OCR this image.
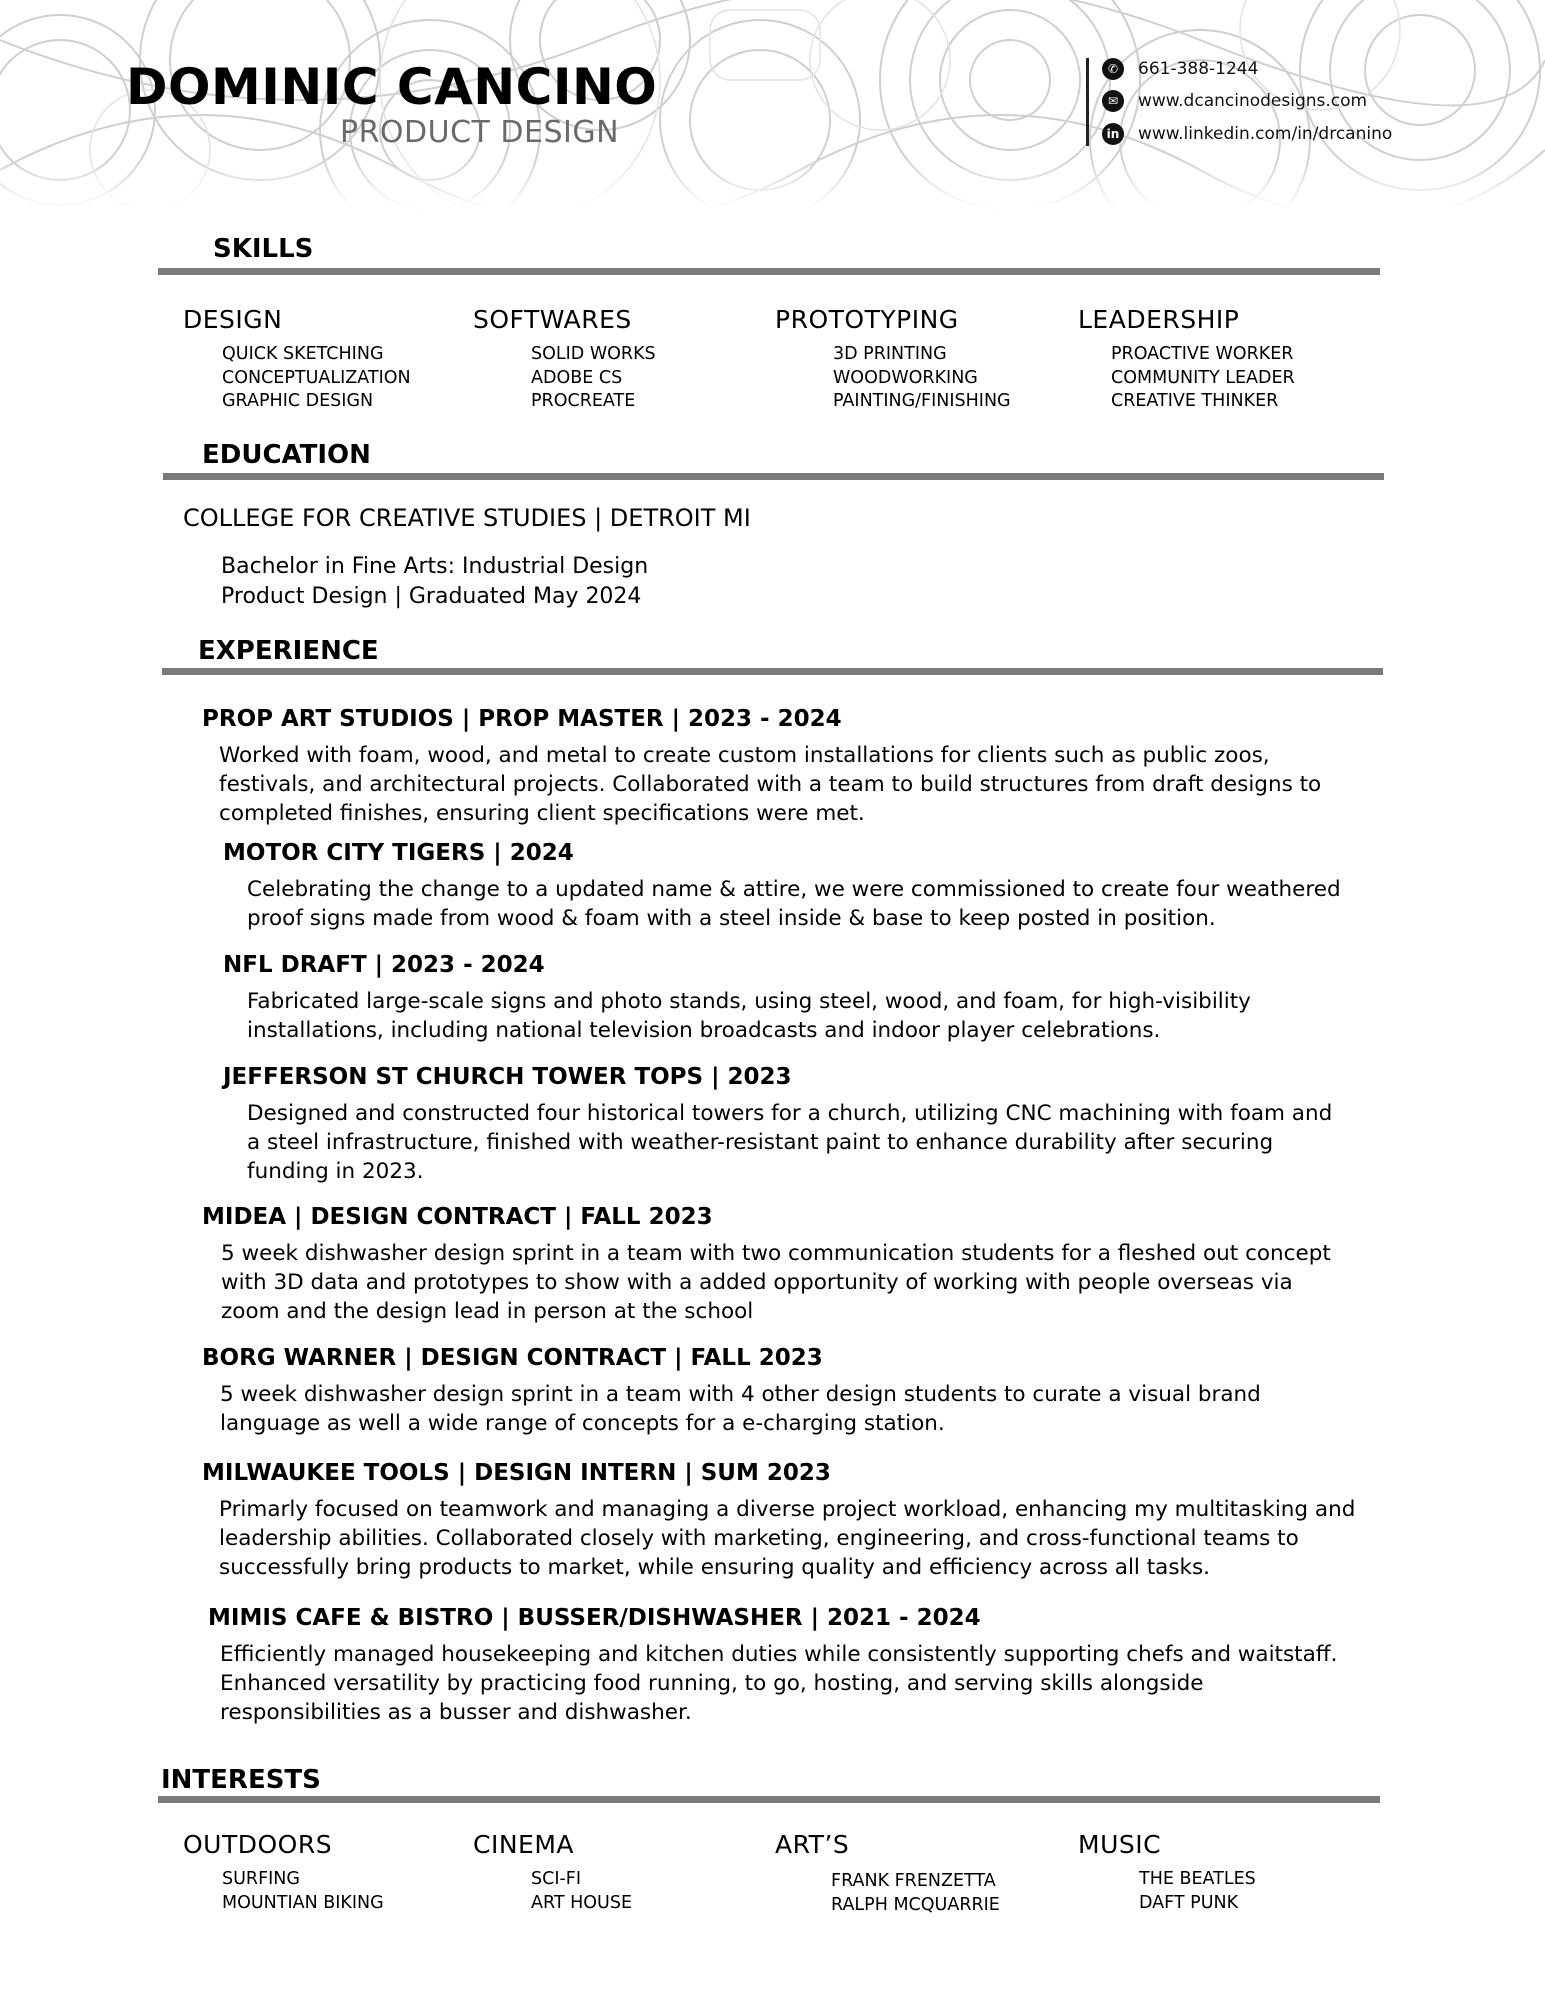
DOMINIC CANCINO
PRODUCT DESIGN
✆	661-388-1244
✉	www.dcancinodesigns.com
in www.linkedin.com/in/drcanino
SKILLS
DESIGN
QUICK SKETCHING
CONCEPTUALIZATION
GRAPHIC DESIGN
SOFTWARES
SOLID WORKS
ADOBE CS
PROCREATE
PROTOTYPING
3D PRINTING
WOODWORKING
PAINTING/FINISHING
LEADERSHIP
PROACTIVE WORKER
COMMUNITY LEADER
CREATIVE THINKER
EDUCATION
COLLEGE FOR CREATIVE STUDIES | DETROIT MI
Bachelor in Fine Arts: Industrial Design
Product Design | Graduated May 2024
EXPERIENCE
PROP ART STUDIOS | PROP MASTER | 2023 - 2024
Worked with foam, wood, and metal to create custom installations for clients such as public zoos, festivals, and architectural projects. Collaborated with a team to build structures from draft designs to completed finishes, ensuring client specifications were met.
MOTOR CITY TIGERS | 2024
Celebrating the change to a updated name & attire, we were commissioned to create four weathered proof signs made from wood & foam with a steel inside & base to keep posted in position.
NFL DRAFT | 2023 - 2024
Fabricated large-scale signs and photo stands, using steel, wood, and foam, for high-visibility installations, including national television broadcasts and indoor player celebrations.
JEFFERSON ST CHURCH TOWER TOPS | 2023
Designed and constructed four historical towers for a church, utilizing CNC machining with foam and a steel infrastructure, finished with weather-resistant paint to enhance durability after securing funding in 2023.
MIDEA | DESIGN CONTRACT | FALL 2023
5 week dishwasher design sprint in a team with two communication students for a fleshed out concept with 3D data and prototypes to show with a added opportunity of working with people overseas via zoom and the design lead in person at the school
BORG WARNER | DESIGN CONTRACT | FALL 2023
5 week dishwasher design sprint in a team with 4 other design students to curate a visual brand language as well a wide range of concepts for a e-charging station.
MILWAUKEE TOOLS | DESIGN INTERN | SUM 2023
Primarly focused on teamwork and managing a diverse project workload, enhancing my multitasking and leadership abilities. Collaborated closely with marketing, engineering, and cross-functional teams to successfully bring products to market, while ensuring quality and efficiency across all tasks.
MIMIS CAFE & BISTRO | BUSSER/DISHWASHER | 2021 - 2024
Efficiently managed housekeeping and kitchen duties while consistently supporting chefs and waitstaff. Enhanced versatility by practicing food running, to go, hosting, and serving skills alongside responsibilities as a busser and dishwasher.
INTERESTS
OUTDOORS
SURFING
MOUNTIAN BIKING
CINEMA
SCI-FI
ART HOUSE
ART’S
FRANK FRENZETTA
RALPH MCQUARRIE
MUSIC
THE BEATLES
DAFT PUNK
